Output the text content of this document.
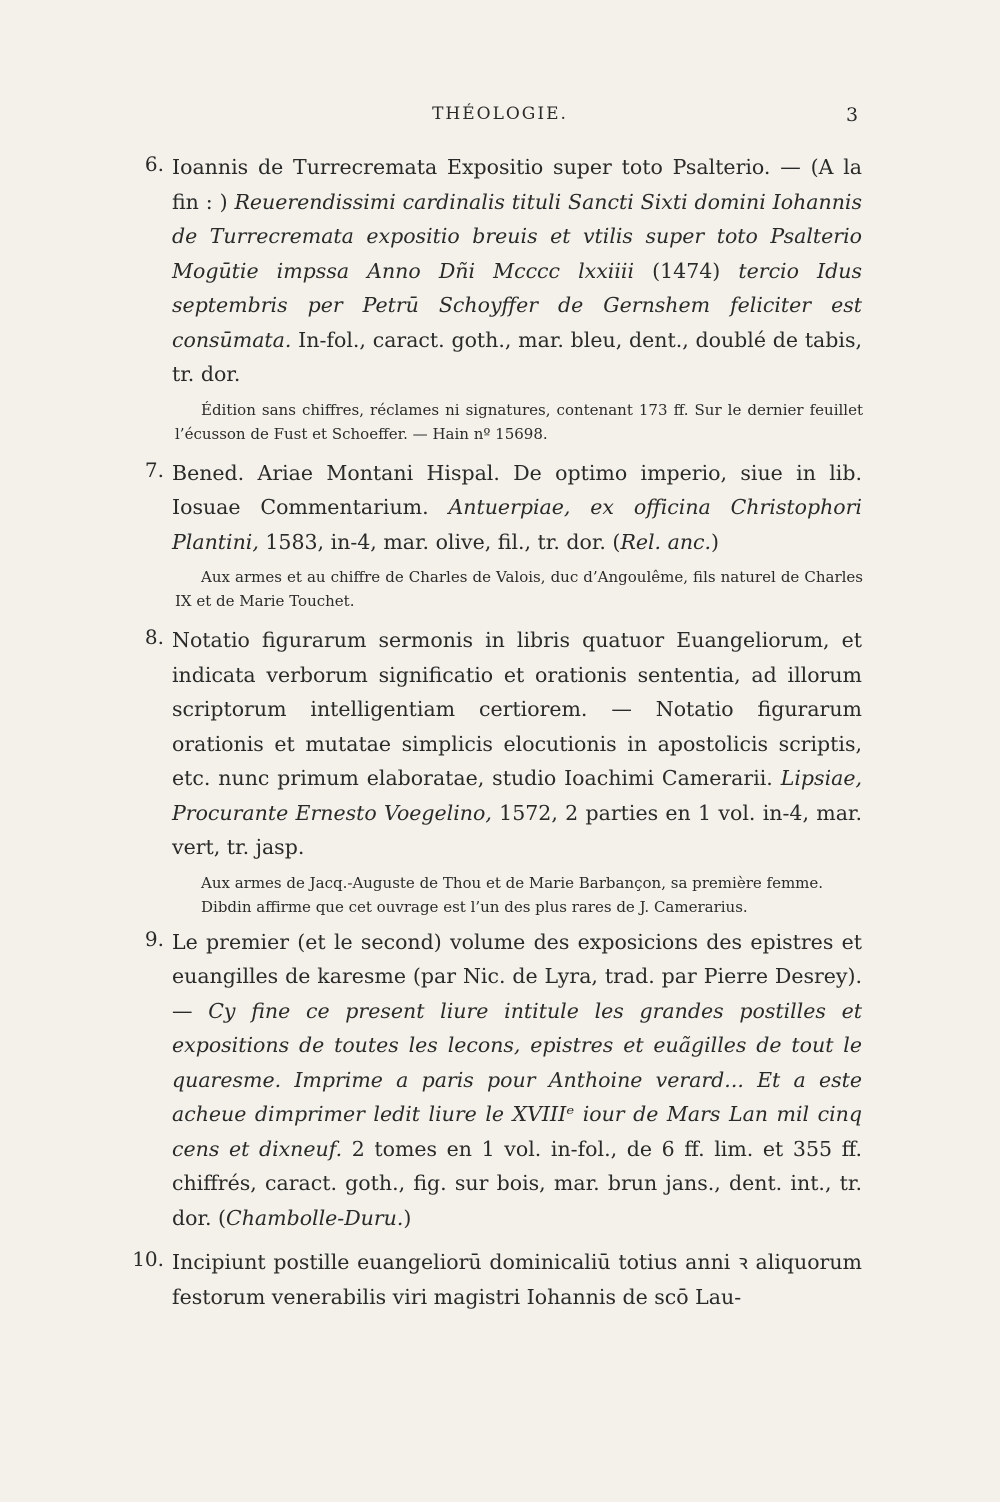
THÉOLOGIE.	3
6. Ioannis de Turrecremata Expositio super toto Psalterio. — (A la fin : ) Reuerendissimi cardinalis tituli Sancti Sixti domini Iohannis de Turrecremata expositio breuis et vtilis super toto Psalterio Mogūtie impssa Anno Dñi Mcccc lxxiiii (1474) tercio Idus septembris per Petrū Schoyffer de Gernshem feliciter est consūmata. In-fol., caract. goth., mar. bleu, dent., doublé de tabis, tr. dor.

Édition sans chiffres, réclames ni signatures, contenant 173 ff. Sur le dernier feuillet l’écusson de Fust et Schoeffer. — Hain nº 15698.

7. Bened. Ariae Montani Hispal. De optimo imperio, siue in lib. Iosuae Commentarium. Antuerpiae, ex officina Christophori Plantini, 1583, in-4, mar. olive, fil., tr. dor. (Rel. anc.)

Aux armes et au chiffre de Charles de Valois, duc d’Angoulême, fils naturel de Charles IX et de Marie Touchet.

8. Notatio figurarum sermonis in libris quatuor Euangeliorum, et indicata verborum significatio et orationis sententia, ad illorum scriptorum intelligentiam certiorem. — Notatio figurarum orationis et mutatae simplicis elocutionis in apostolicis scriptis, etc. nunc primum elaboratae, studio Ioachimi Camerarii. Lipsiae, Procurante Ernesto Voegelino, 1572, 2 parties en 1 vol. in-4, mar. vert, tr. jasp.

Aux armes de Jacq.-Auguste de Thou et de Marie Barbançon, sa première femme.

Dibdin affirme que cet ouvrage est l’un des plus rares de J. Camerarius.

9. Le premier (et le second) volume des exposicions des epistres et euangilles de karesme (par Nic. de Lyra, trad. par Pierre Desrey). — Cy fine ce present liure intitule les grandes postilles et expositions de toutes les lecons, epistres et euãgilles de tout le quaresme. Imprime a paris pour Anthoine verard... Et a este acheue dimprimer ledit liure le XVIIIᵉ iour de Mars Lan mil cinq cens et dixneuf. 2 tomes en 1 vol. in-fol., de 6 ff. lim. et 355 ff. chiffrés, caract. goth., fig. sur bois, mar. brun jans., dent. int., tr. dor. (Chambolle-Duru.)

10. Incipiunt postille euangeliorū dominicaliū totius anni ꝛ aliquorum festorum venerabilis viri magistri Iohannis de scō Lau-
